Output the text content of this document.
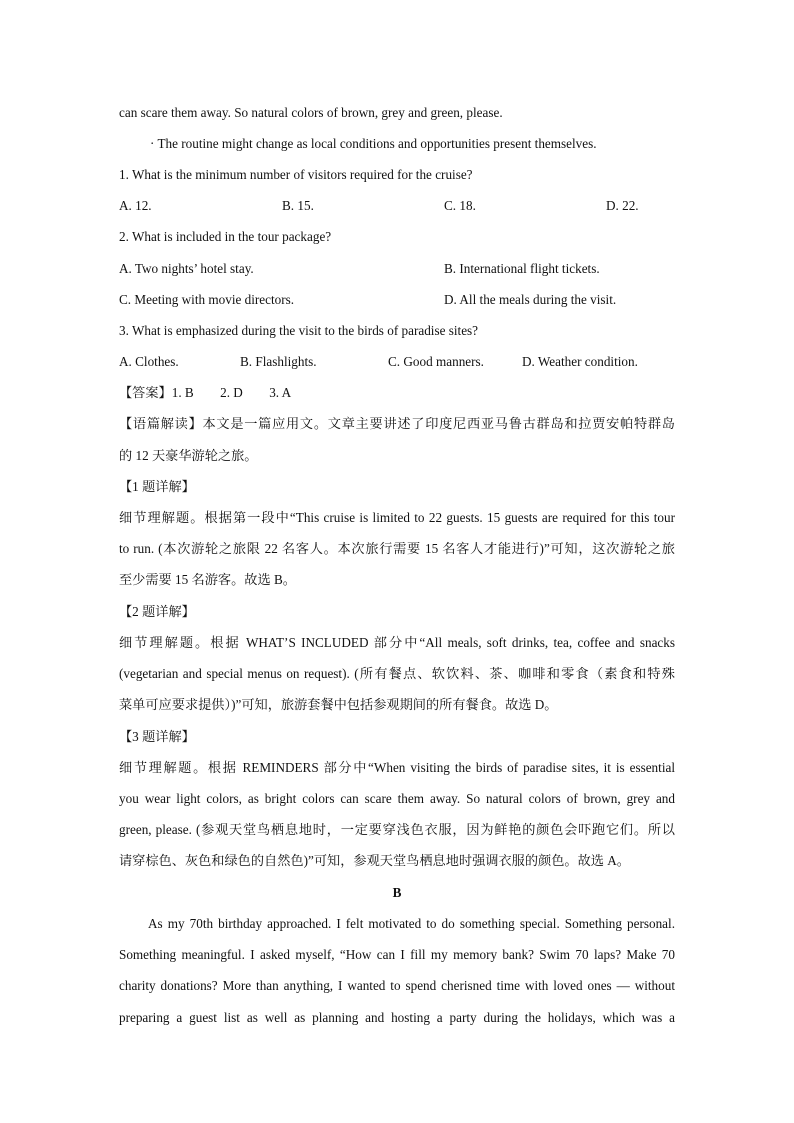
can scare them away. So natural colors of brown, grey and green, please.
· The routine might change as local conditions and opportunities present themselves.
1. What is the minimum number of visitors required for the cruise?
A. 12.	B. 15.	C. 18.	D. 22.
2. What is included in the tour package?
A. Two nights’ hotel stay.	B. International flight tickets.
C. Meeting with movie directors.	D. All the meals during the visit.
3. What is emphasized during the visit to the birds of paradise sites?
A. Clothes.	B. Flashlights.	C. Good manners.	D. Weather condition.
【答案】1. B        2. D        3. A
【语篇解读】本文是一篇应用文。文章主要讲述了印度尼西亚马鲁古群岛和拉贾安帕特群岛
的 12 天豪华游轮之旅。
【1 题详解】
细节理解题。根据第一段中“This cruise is limited to 22 guests. 15 guests are required for this tour
to run. (本次游轮之旅限 22 名客人。本次旅行需要 15 名客人才能进行)”可知，这次游轮之旅
至少需要 15 名游客。故选 B。
【2 题详解】
细节理解题。根据 WHAT’S INCLUDED 部分中“All meals, soft drinks, tea, coffee and snacks
(vegetarian and special menus on request). (所有餐点、软饮料、茶、咖啡和零食（素食和特殊
菜单可应要求提供）)”可知，旅游套餐中包括参观期间的所有餐食。故选 D。
【3 题详解】
细节理解题。根据 REMINDERS 部分中“When visiting the birds of paradise sites, it is essential
you wear light colors, as bright colors can scare them away. So natural colors of brown, grey and
green, please. (参观天堂鸟栖息地时，一定要穿浅色衣服，因为鲜艳的颜色会吓跑它们。所以
请穿棕色、灰色和绿色的自然色)”可知，参观天堂鸟栖息地时强调衣服的颜色。故选 A。
B
As my 70th birthday approached. I felt motivated to do something special. Something personal.
Something meaningful. I asked myself, “How can I fill my memory bank? Swim 70 laps? Make 70
charity donations? More than anything, I wanted to spend cherisned time with loved ones — without
preparing a guest list as well as planning and hosting a party during the holidays, which was a
